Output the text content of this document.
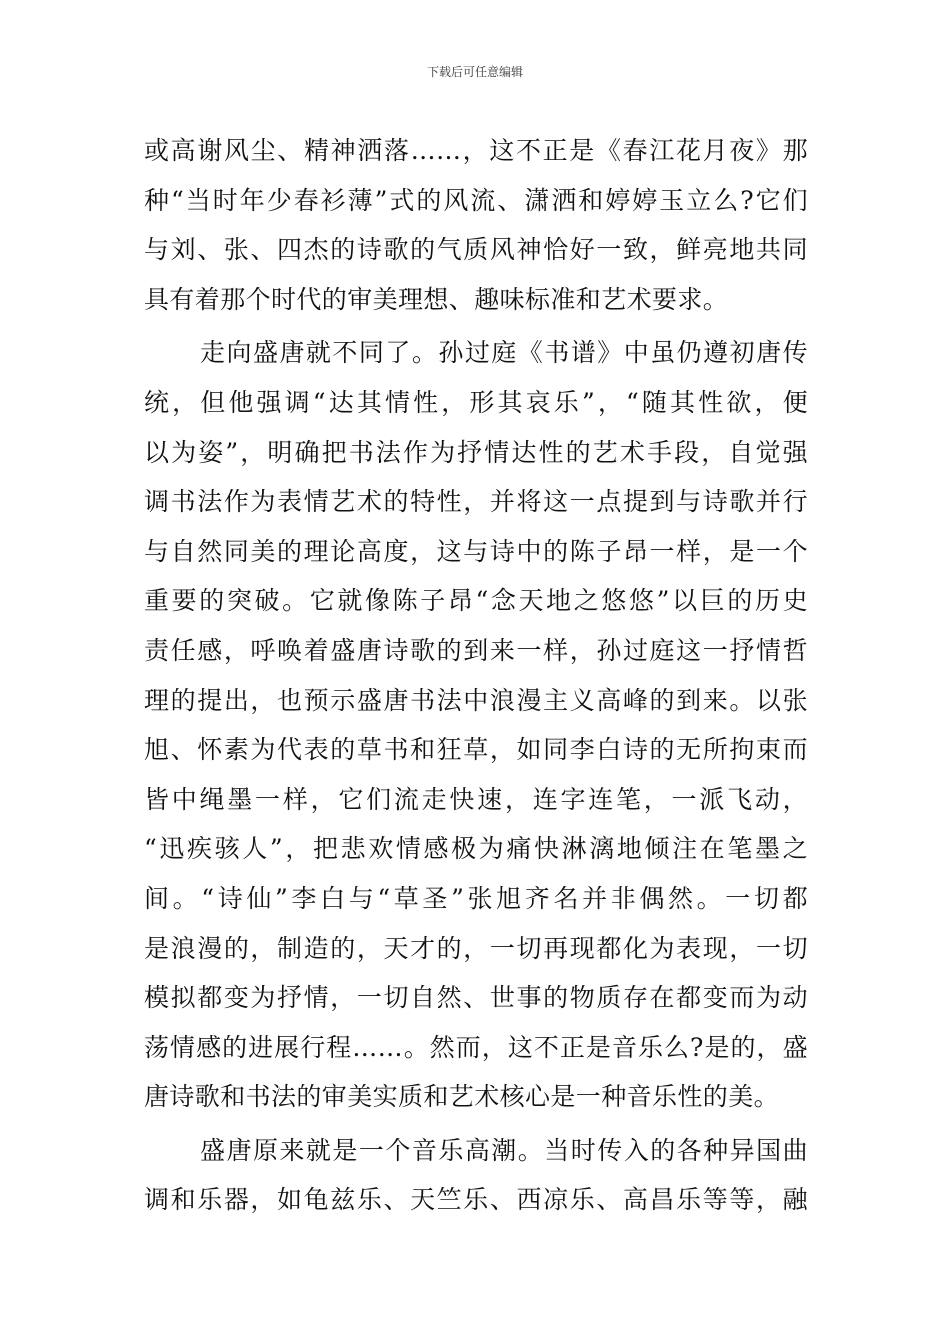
下载后可任意编辑
或高谢风尘、精神洒落……，这不正是《春江花月夜》那
种“当时年少春衫薄”式的风流、潇洒和婷婷玉立么?它们
与刘、张、四杰的诗歌的气质风神恰好一致，鲜亮地共同
具有着那个时代的审美理想、趣味标准和艺术要求。
走向盛唐就不同了。孙过庭《书谱》中虽仍遵初唐传
统，但他强调“达其情性，形其哀乐”，“随其性欲，便
以为姿”，明确把书法作为抒情达性的艺术手段，自觉强
调书法作为表情艺术的特性，并将这一点提到与诗歌并行
与自然同美的理论高度，这与诗中的陈子昂一样，是一个
重要的突破。它就像陈子昂“念天地之悠悠”以巨的历史
责任感，呼唤着盛唐诗歌的到来一样，孙过庭这一抒情哲
理的提出，也预示盛唐书法中浪漫主义高峰的到来。以张
旭、怀素为代表的草书和狂草，如同李白诗的无所拘束而
皆中绳墨一样，它们流走快速，连字连笔，一派飞动，
“迅疾骇人”，把悲欢情感极为痛快淋漓地倾注在笔墨之
间。“诗仙”李白与“草圣”张旭齐名并非偶然。一切都
是浪漫的，制造的，天才的，一切再现都化为表现，一切
模拟都变为抒情，一切自然、世事的物质存在都变而为动
荡情感的进展行程……。然而，这不正是音乐么?是的，盛
唐诗歌和书法的审美实质和艺术核心是一种音乐性的美。
盛唐原来就是一个音乐高潮。当时传入的各种异国曲
调和乐器，如龟兹乐、天竺乐、西凉乐、高昌乐等等，融
